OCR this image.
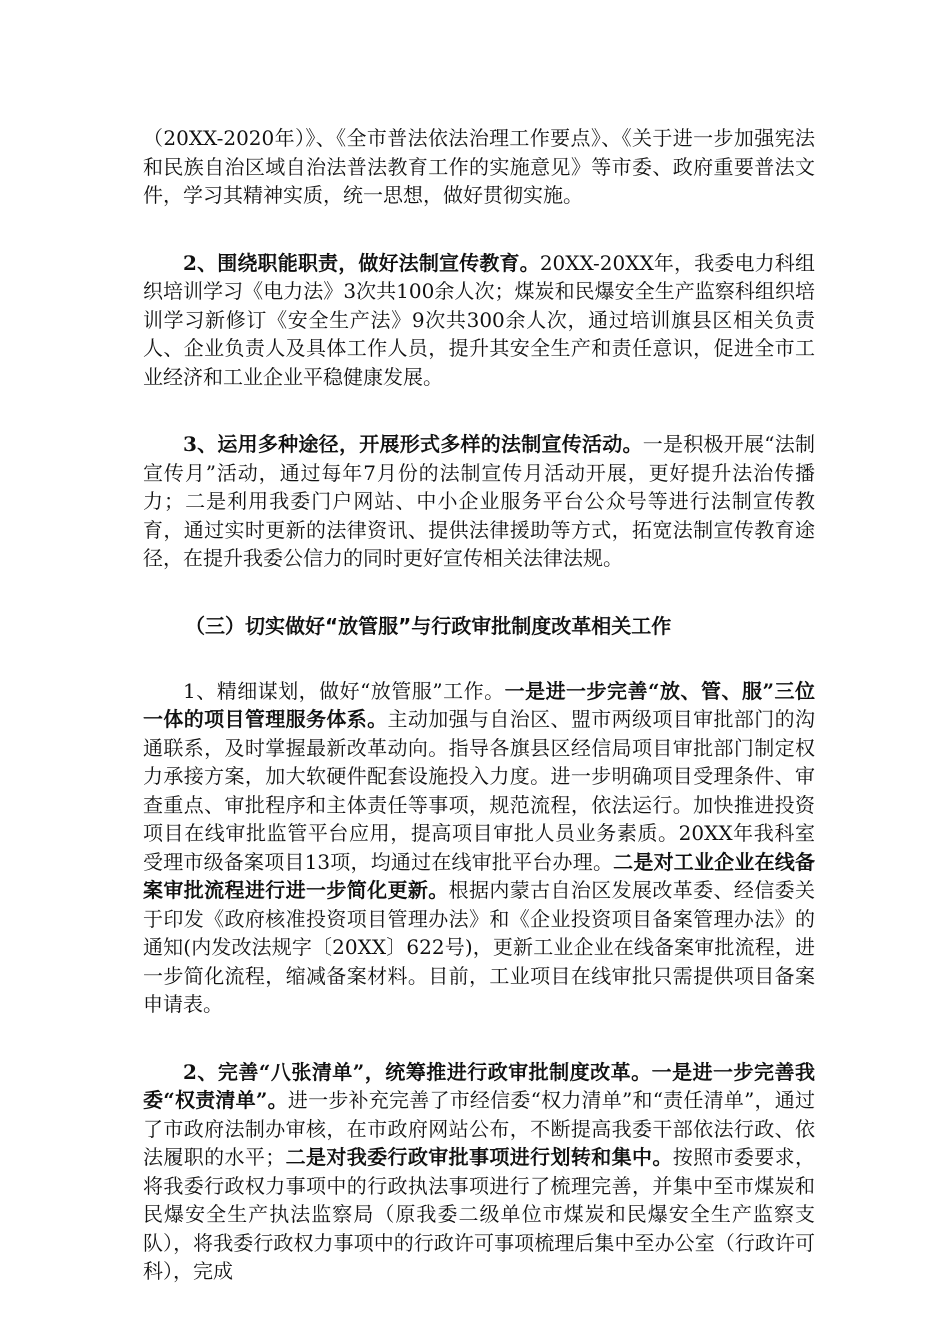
（20XX-2020年）》、《全市普法依法治理工作要点》、《关于进一步加强宪法和民族自治区域自治法普法教育工作的实施意见》等市委、政府重要普法文件，学习其精神实质，统一思想，做好贯彻实施。

2、围绕职能职责，做好法制宣传教育。20XX-20XX年，我委电力科组织培训学习《电力法》3次共100余人次；煤炭和民爆安全生产监察科组织培训学习新修订《安全生产法》9次共300余人次，通过培训旗县区相关负责人、企业负责人及具体工作人员，提升其安全生产和责任意识，促进全市工业经济和工业企业平稳健康发展。

3、运用多种途径，开展形式多样的法制宣传活动。一是积极开展“法制宣传月”活动，通过每年7月份的法制宣传月活动开展，更好提升法治传播力；二是利用我委门户网站、中小企业服务平台公众号等进行法制宣传教育，通过实时更新的法律资讯、提供法律援助等方式，拓宽法制宣传教育途径，在提升我委公信力的同时更好宣传相关法律法规。

（三）切实做好“放管服”与行政审批制度改革相关工作

1、精细谋划，做好“放管服”工作。一是进一步完善“放、管、服”三位一体的项目管理服务体系。主动加强与自治区、盟市两级项目审批部门的沟通联系，及时掌握最新改革动向。指导各旗县区经信局项目审批部门制定权力承接方案，加大软硬件配套设施投入力度。进一步明确项目受理条件、审查重点、审批程序和主体责任等事项，规范流程，依法运行。加快推进投资项目在线审批监管平台应用，提高项目审批人员业务素质。20XX年我科室受理市级备案项目13项，均通过在线审批平台办理。二是对工业企业在线备案审批流程进行进一步简化更新。根据内蒙古自治区发展改革委、经信委关于印发《政府核准投资项目管理办法》和《企业投资项目备案管理办法》的通知(内发改法规字〔20XX〕622号)，更新工业企业在线备案审批流程，进一步简化流程，缩减备案材料。目前，工业项目在线审批只需提供项目备案申请表。

2、完善“八张清单”，统筹推进行政审批制度改革。一是进一步完善我委“权责清单”。进一步补充完善了市经信委“权力清单”和“责任清单”，通过了市政府法制办审核，在市政府网站公布，不断提高我委干部依法行政、依法履职的水平；二是对我委行政审批事项进行划转和集中。按照市委要求，将我委行政权力事项中的行政执法事项进行了梳理完善，并集中至市煤炭和民爆安全生产执法监察局（原我委二级单位市煤炭和民爆安全生产监察支队），将我委行政权力事项中的行政许可事项梳理后集中至办公室（行政许可科），完成
